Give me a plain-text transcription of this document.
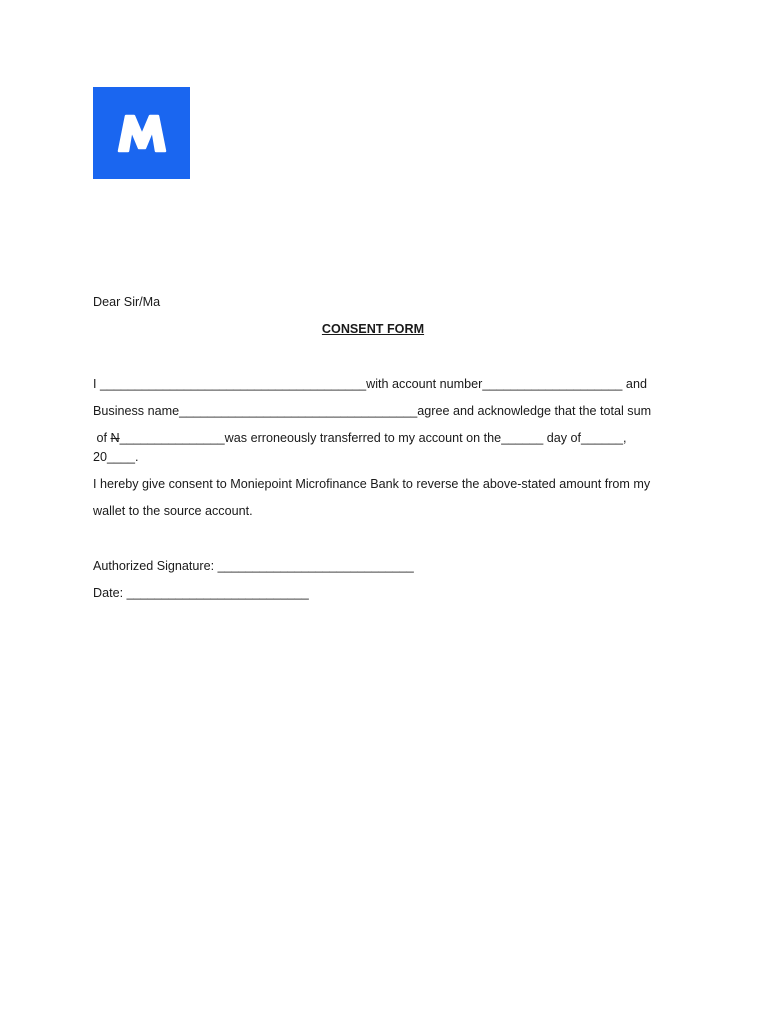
Dear Sir/Ma
CONSENT FORM
I ______________________________________with account number____________________ and
Business name__________________________________agree and acknowledge that the total sum
of N_______________was erroneously transferred to my account on the______ day of______,
20____.
I hereby give consent to Moniepoint Microfinance Bank to reverse the above-stated amount from my
wallet to the source account.
Authorized Signature: ____________________________
Date: __________________________
